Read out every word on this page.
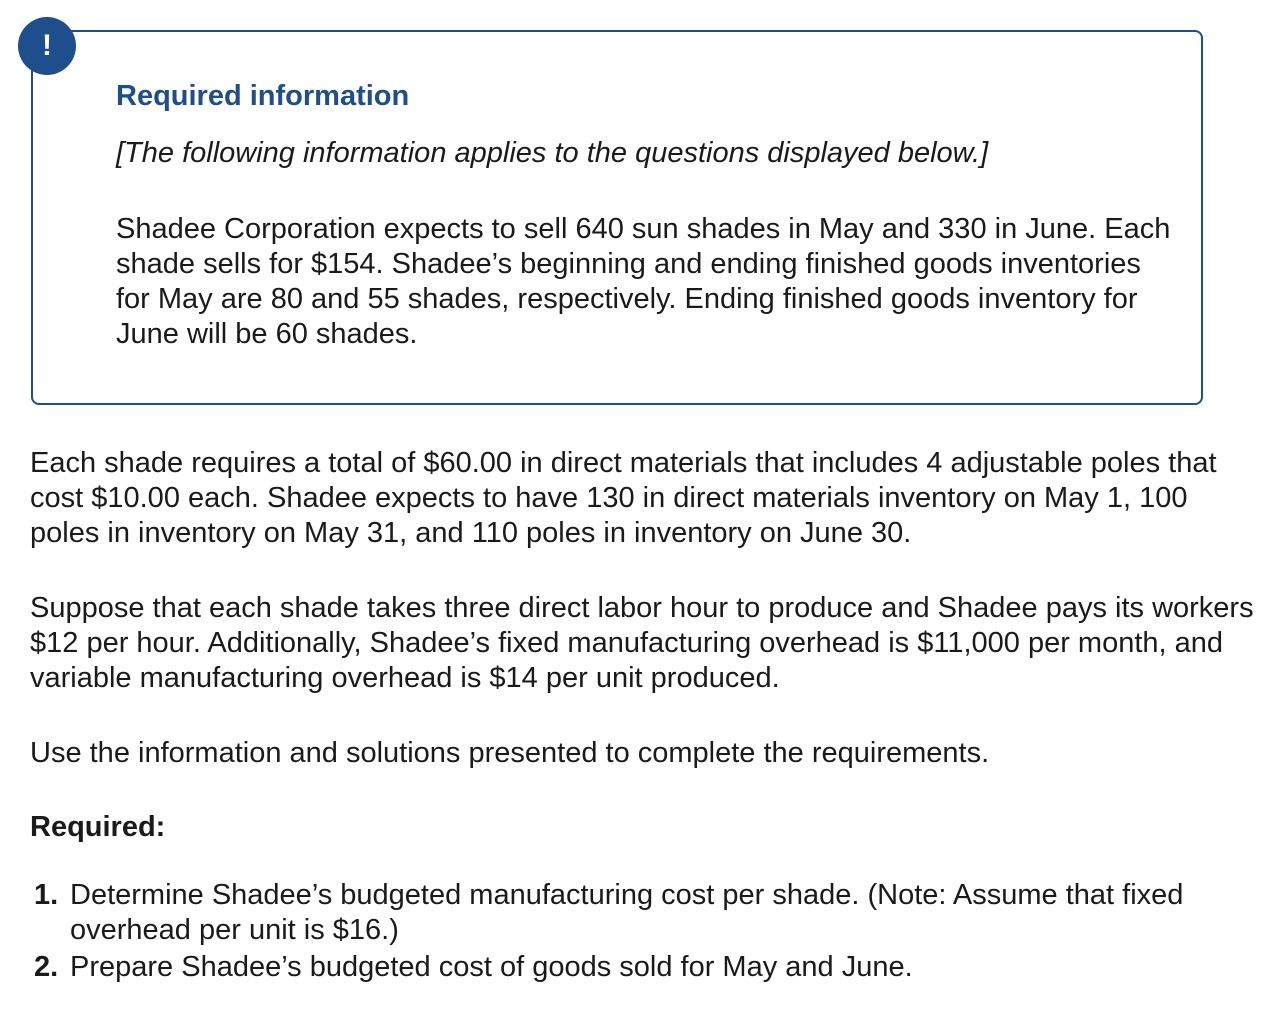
!
Required information
[The following information applies to the questions displayed below.]

Shadee Corporation expects to sell 640 sun shades in May and 330 in June. Each shade sells for $154. Shadee’s beginning and ending finished goods inventories for May are 80 and 55 shades, respectively. Ending finished goods inventory for June will be 60 shades.

Each shade requires a total of $60.00 in direct materials that includes 4 adjustable poles that cost $10.00 each. Shadee expects to have 130 in direct materials inventory on May 1, 100 poles in inventory on May 31, and 110 poles in inventory on June 30.

Suppose that each shade takes three direct labor hour to produce and Shadee pays its workers $12 per hour. Additionally, Shadee’s fixed manufacturing overhead is $11,000 per month, and variable manufacturing overhead is $14 per unit produced.

Use the information and solutions presented to complete the requirements.

Required:
1. Determine Shadee’s budgeted manufacturing cost per shade. (Note: Assume that fixed overhead per unit is $16.)
2. Prepare Shadee’s budgeted cost of goods sold for May and June.
